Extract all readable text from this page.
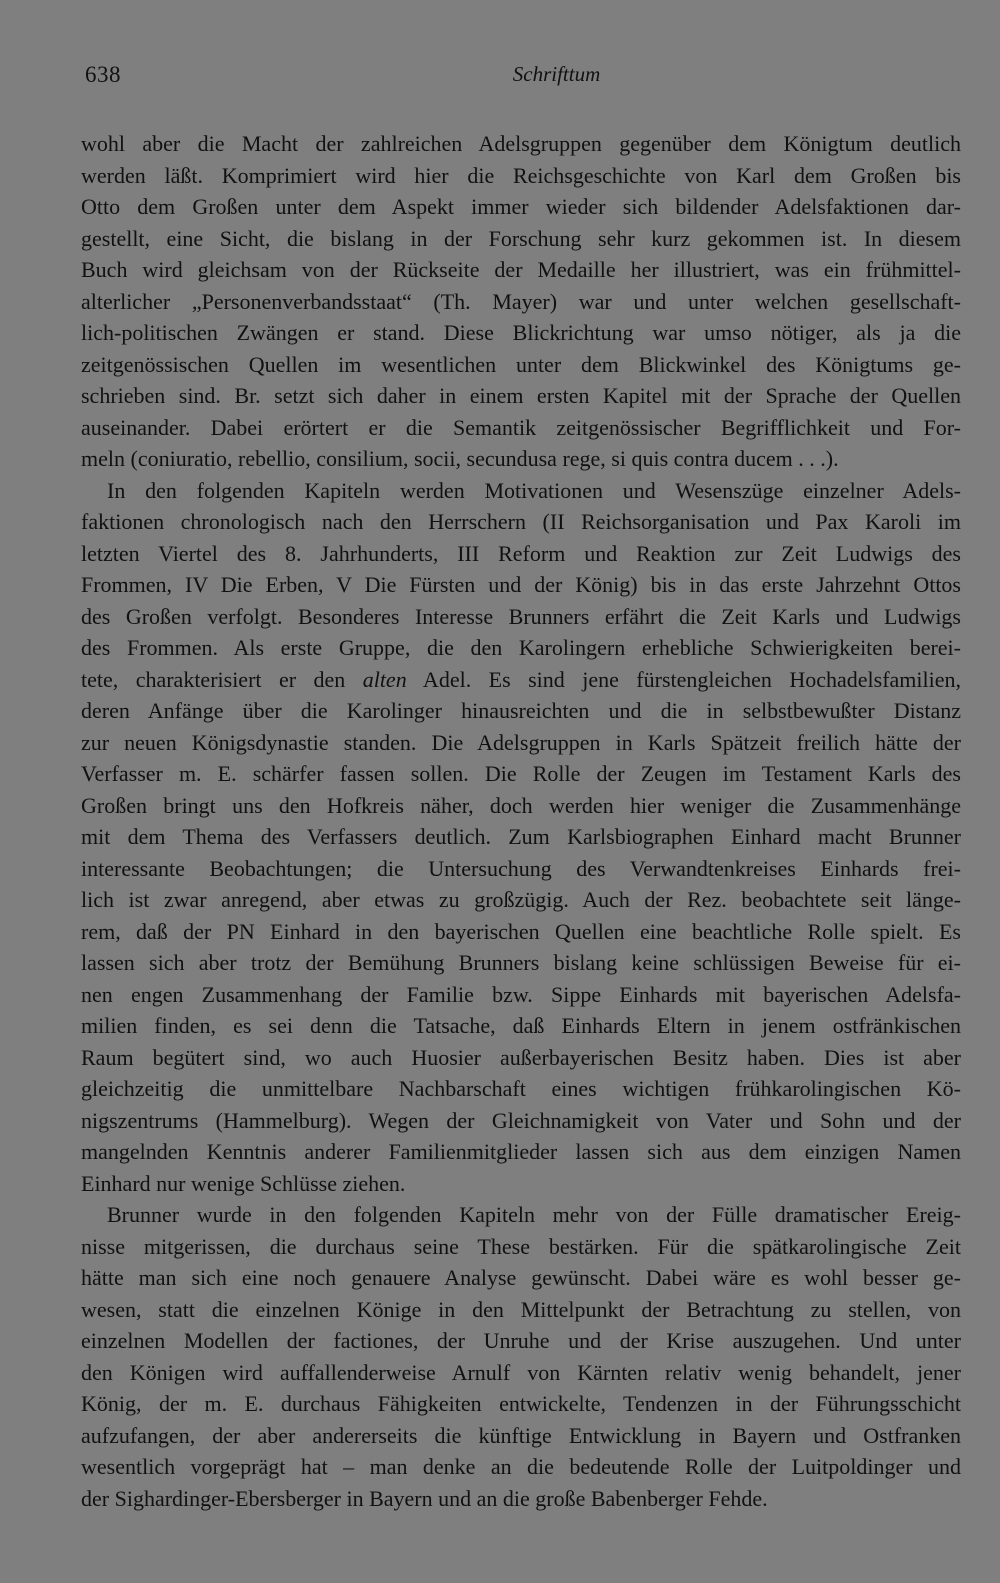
638	Schrifttum
wohl aber die Macht der zahlreichen Adelsgruppen gegenüber dem Königtum deutlich
werden läßt. Komprimiert wird hier die Reichsgeschichte von Karl dem Großen bis
Otto dem Großen unter dem Aspekt immer wieder sich bildender Adelsfaktionen dar-
gestellt, eine Sicht, die bislang in der Forschung sehr kurz gekommen ist. In diesem
Buch wird gleichsam von der Rückseite der Medaille her illustriert, was ein frühmittel-
alterlicher „Personenverbandsstaat“ (Th. Mayer) war und unter welchen gesellschaft-
lich-politischen Zwängen er stand. Diese Blickrichtung war umso nötiger, als ja die
zeitgenössischen Quellen im wesentlichen unter dem Blickwinkel des Königtums ge-
schrieben sind. Br. setzt sich daher in einem ersten Kapitel mit der Sprache der Quellen
auseinander. Dabei erörtert er die Semantik zeitgenössischer Begrifflichkeit und For-
meln (coniuratio, rebellio, consilium, socii, secundusa rege, si quis contra ducem . . .).
In den folgenden Kapiteln werden Motivationen und Wesenszüge einzelner Adels-
faktionen chronologisch nach den Herrschern (II Reichsorganisation und Pax Karoli im
letzten Viertel des 8. Jahrhunderts, III Reform und Reaktion zur Zeit Ludwigs des
Frommen, IV Die Erben, V Die Fürsten und der König) bis in das erste Jahrzehnt Ottos
des Großen verfolgt. Besonderes Interesse Brunners erfährt die Zeit Karls und Ludwigs
des Frommen. Als erste Gruppe, die den Karolingern erhebliche Schwierigkeiten berei-
tete, charakterisiert er den alten Adel. Es sind jene fürstengleichen Hochadelsfamilien,
deren Anfänge über die Karolinger hinausreichten und die in selbstbewußter Distanz
zur neuen Königsdynastie standen. Die Adelsgruppen in Karls Spätzeit freilich hätte der
Verfasser m. E. schärfer fassen sollen. Die Rolle der Zeugen im Testament Karls des
Großen bringt uns den Hofkreis näher, doch werden hier weniger die Zusammenhänge
mit dem Thema des Verfassers deutlich. Zum Karlsbiographen Einhard macht Brunner
interessante Beobachtungen; die Untersuchung des Verwandtenkreises Einhards frei-
lich ist zwar anregend, aber etwas zu großzügig. Auch der Rez. beobachtete seit länge-
rem, daß der PN Einhard in den bayerischen Quellen eine beachtliche Rolle spielt. Es
lassen sich aber trotz der Bemühung Brunners bislang keine schlüssigen Beweise für ei-
nen engen Zusammenhang der Familie bzw. Sippe Einhards mit bayerischen Adelsfa-
milien finden, es sei denn die Tatsache, daß Einhards Eltern in jenem ostfränkischen
Raum begütert sind, wo auch Huosier außerbayerischen Besitz haben. Dies ist aber
gleichzeitig die unmittelbare Nachbarschaft eines wichtigen frühkarolingischen Kö-
nigszentrums (Hammelburg). Wegen der Gleichnamigkeit von Vater und Sohn und der
mangelnden Kenntnis anderer Familienmitglieder lassen sich aus dem einzigen Namen
Einhard nur wenige Schlüsse ziehen.
Brunner wurde in den folgenden Kapiteln mehr von der Fülle dramatischer Ereig-
nisse mitgerissen, die durchaus seine These bestärken. Für die spätkarolingische Zeit
hätte man sich eine noch genauere Analyse gewünscht. Dabei wäre es wohl besser ge-
wesen, statt die einzelnen Könige in den Mittelpunkt der Betrachtung zu stellen, von
einzelnen Modellen der factiones, der Unruhe und der Krise auszugehen. Und unter
den Königen wird auffallenderweise Arnulf von Kärnten relativ wenig behandelt, jener
König, der m. E. durchaus Fähigkeiten entwickelte, Tendenzen in der Führungsschicht
aufzufangen, der aber andererseits die künftige Entwicklung in Bayern und Ostfranken
wesentlich vorgeprägt hat – man denke an die bedeutende Rolle der Luitpoldinger und
der Sighardinger-Ebersberger in Bayern und an die große Babenberger Fehde.
